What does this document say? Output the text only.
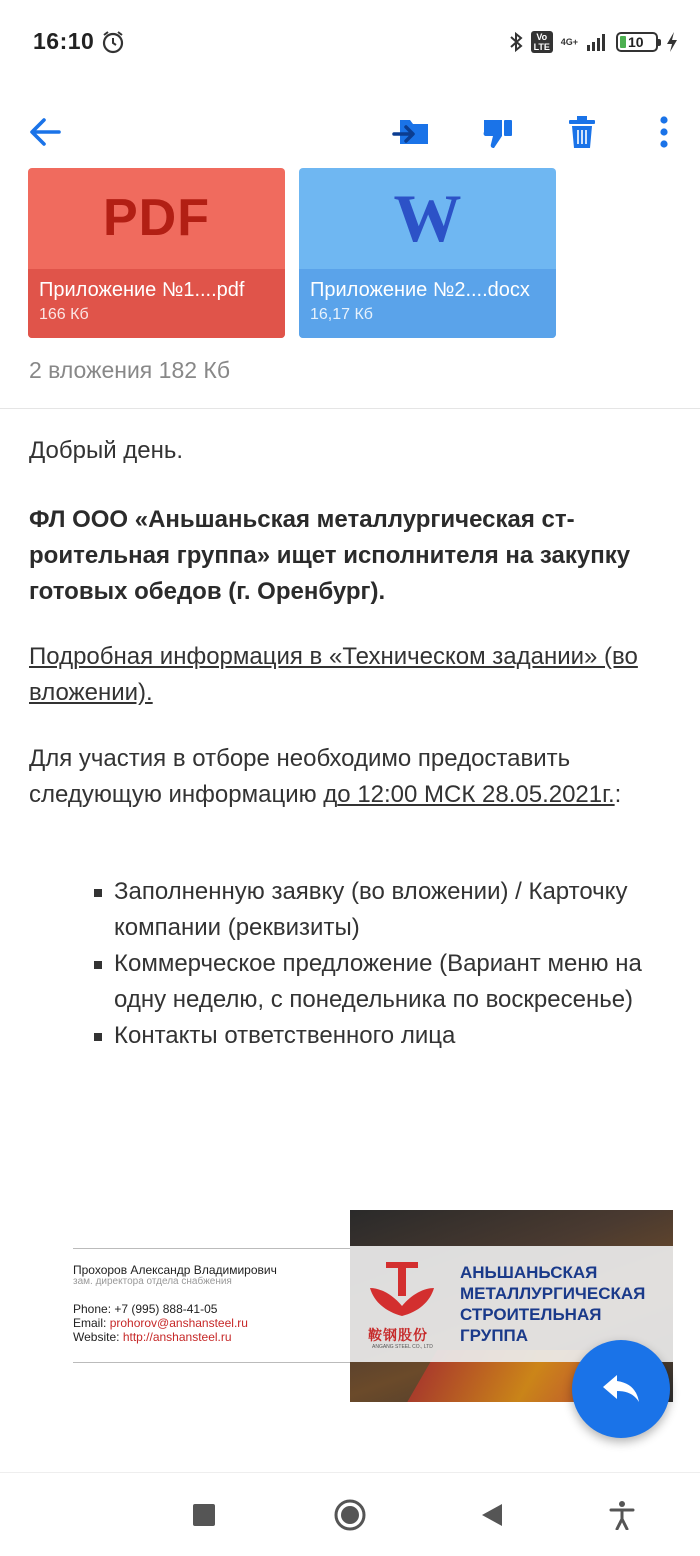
16:10	Vo LTE
4G+	10
PDF
Приложение №1....pdf
166 Кб
W
Приложение №2....docx
16,17 Кб
2 вложения 182 Кб
Добрый день.
ФЛ ООО «Аньшаньская металлургическая ст-роительная группа» ищет исполнителя на закупку готовых обедов (г. Оренбург).
Подробная информация в «Техническом задании» (во вложении).
Для участия в отборе необходимо предоставить следующую информацию до 12:00 МСК 28.05.2021г.:
Заполненную заявку (во вложении) / Карточку компании (реквизиты)
Коммерческое предложение (Вариант меню на одну неделю, с понедельника по воскресенье)
Контакты ответственного лица
Прохоров Александр Владимирович
зам. директора отдела снабжения
Phone: +7 (995) 888-41-05
Email: prohorov@anshansteel.ru
Website: http://anshansteel.ru	鞍钢股份
ANGANG STEEL CO., LTD
АНЬШАНЬСКАЯ
МЕТАЛЛУРГИЧЕСКАЯ
СТРОИТЕЛЬНАЯ
ГРУППА
